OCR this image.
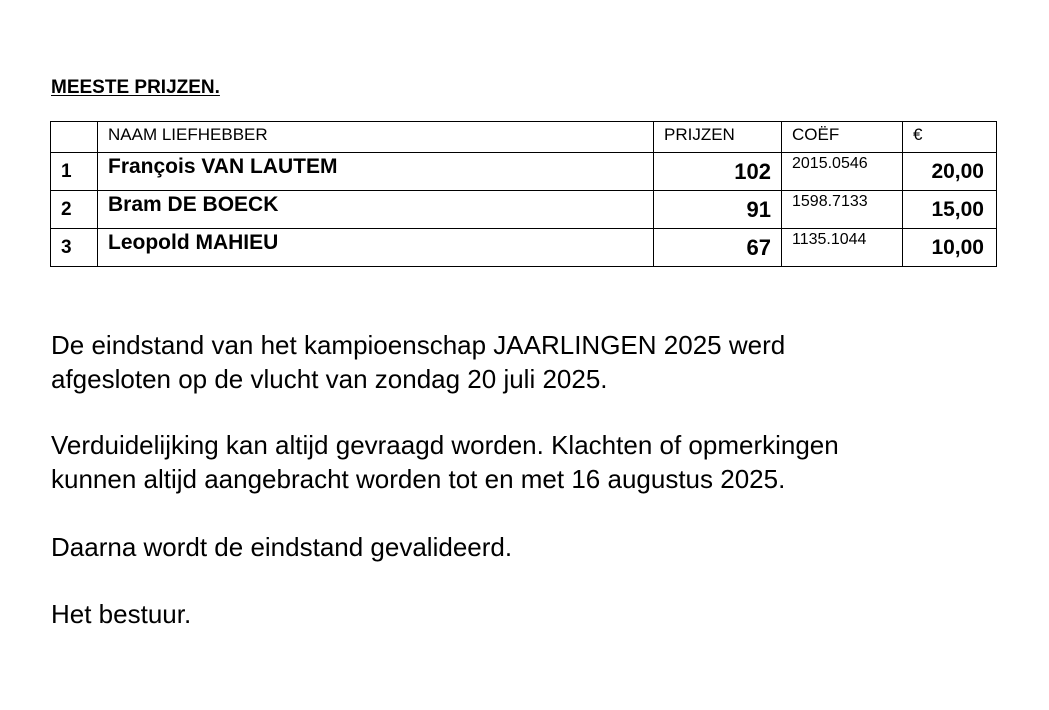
MEESTE PRIJZEN.
	NAAM LIEFHEBBER	PRIJZEN	COËF	€
1	François VAN LAUTEM	102	2015.0546	20,00
2	Bram DE BOECK	91	1598.7133	15,00
3	Leopold MAHIEU	67	1135.1044	10,00
De eindstand van het kampioenschap JAARLINGEN 2025 werd
afgesloten op de vlucht van zondag 20 juli 2025.
Verduidelijking kan altijd gevraagd worden. Klachten of opmerkingen
kunnen altijd aangebracht worden tot en met 16 augustus 2025.
Daarna wordt de eindstand gevalideerd.
Het bestuur.
